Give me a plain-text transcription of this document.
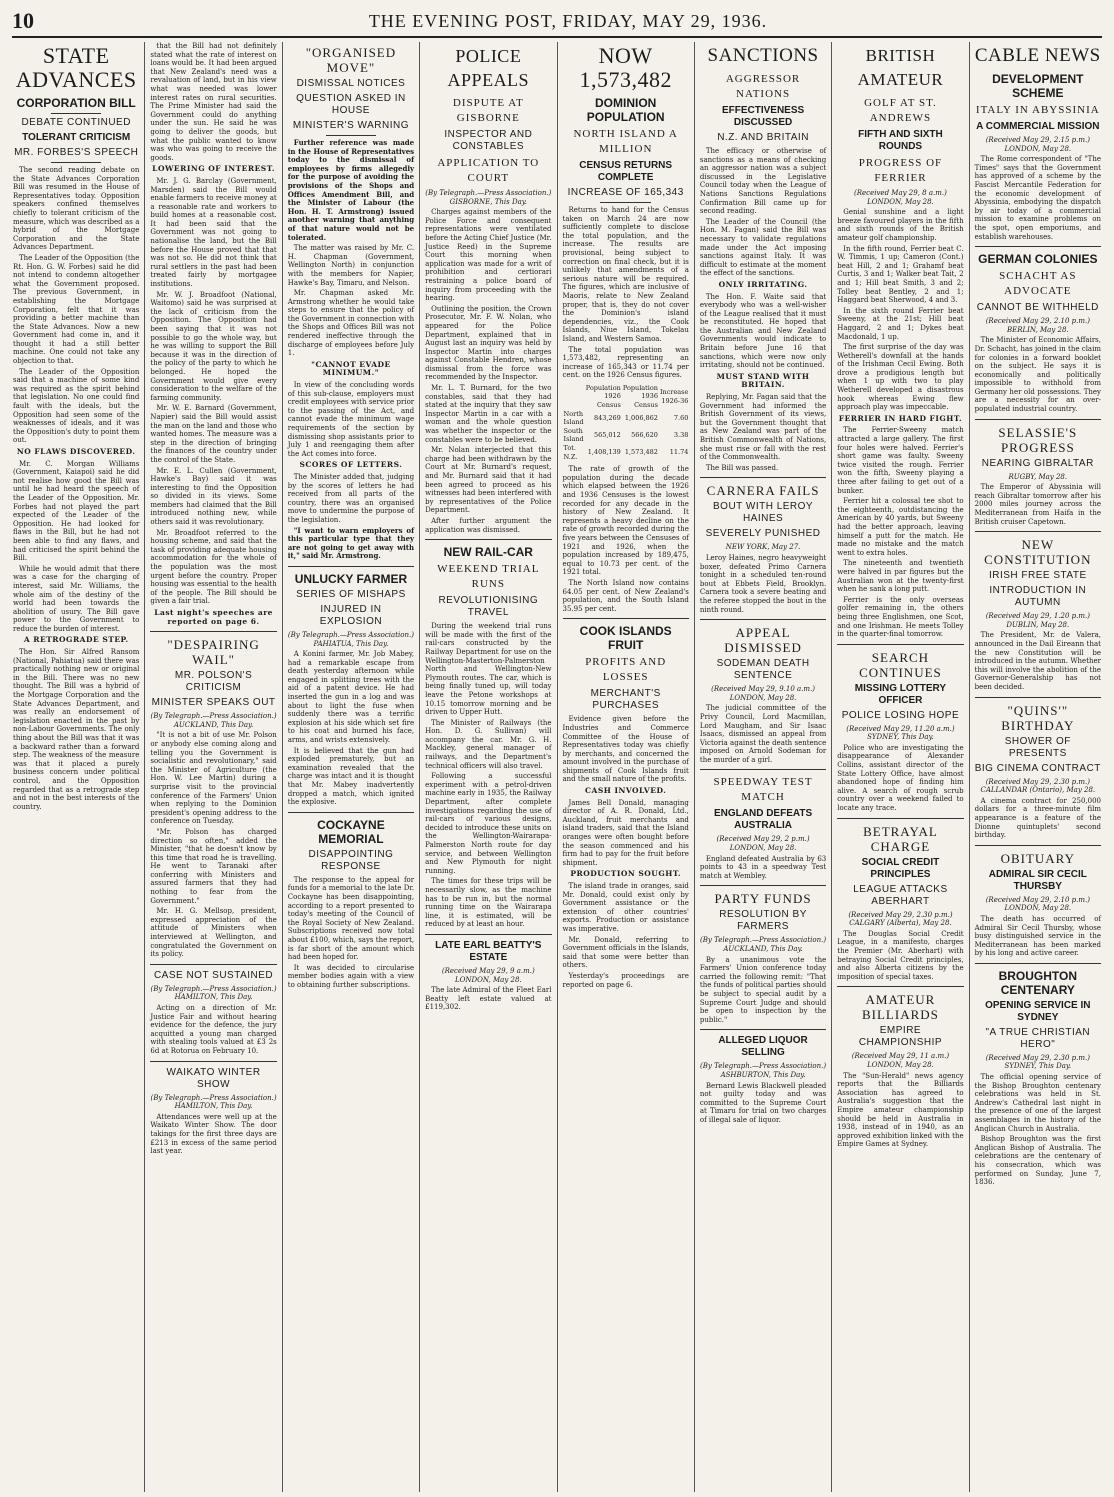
10	THE EVENING POST, FRIDAY, MAY 29, 1936.
STATE ADVANCES
CORPORATION BILL
DEBATE CONTINUED
TOLERANT CRITICISM
MR. FORBES'S SPEECH

The second reading debate on the State Advances Corporation Bill was resumed in the House of Representatives today. Opposition speakers confined themselves chiefly to tolerant criticism of the measure, which was described as a hybrid of the Mortgage Corporation and the State Advances Department.

The Leader of the Opposition (the Rt. Hon. G. W. Forbes) said he did not intend to condemn altogether what the Government proposed. The previous Government, in establishing the Mortgage Corporation, felt that it was providing a better machine than the State Advances. Now a new Government had come in, and it thought it had a still better machine. One could not take any objection to that.

The Leader of the Opposition said that a machine of some kind was required as the spirit behind that legislation. No one could find fault with the ideals, but the Opposition had seen some of the weaknesses of ideals, and it was the Opposition's duty to point them out.

NO FLAWS DISCOVERED.

Mr. C. Morgan Williams (Government, Kaiapoi) said he did not realise how good the Bill was until he had heard the speech of the Leader of the Opposition. Mr. Forbes had not played the part expected of the Leader of the Opposition. He had looked for flaws in the Bill, but he had not been able to find any flaws, and had criticised the spirit behind the Bill.

While he would admit that there was a case for the charging of interest, said Mr. Williams, the whole aim of the destiny of the world had been towards the abolition of usury. The Bill gave power to the Government to reduce the burden of interest.

A RETROGRADE STEP.

The Hon. Sir Alfred Ransom (National, Pahiatua) said there was practically nothing new or original in the Bill. There was no new thought. The Bill was a hybrid of the Mortgage Corporation and the State Advances Department, and was really an endorsement of legislation enacted in the past by non-Labour Governments. The only thing about the Bill was that it was a backward rather than a forward step. The weakness of the measure was that it placed a purely business concern under political control, and the Opposition regarded that as a retrograde step and not in the best interests of the country.

that the Bill had not definitely stated what the rate of interest on loans would be. It had been argued that New Zealand's need was a revaluation of land, but in his view what was needed was lower interest rates on rural securities. The Prime Minister had said the Government could do anything under the sun. He said he was going to deliver the goods, but what the public wanted to know was who was going to receive the goods.

LOWERING OF INTEREST.

Mr. J. G. Barclay (Government, Marsden) said the Bill would enable farmers to receive money at a reasonable rate and workers to build homes at a reasonable cost. It had been said that the Government was not going to nationalise the land, but the Bill before the House proved that that was not so. He did not think that rural settlers in the past had been treated fairly by mortgagee institutions.

Mr. W. J. Broadfoot (National, Waitomo) said he was surprised at the lack of criticism from the Opposition. The Opposition had been saying that it was not possible to go the whole way, but he was willing to support the Bill because it was in the direction of the policy of the party to which he belonged. He hoped the Government would give every consideration to the welfare of the farming community.

Mr. W. E. Barnard (Government, Napier) said the Bill would assist the man on the land and those who wanted homes. The measure was a step in the direction of bringing the finances of the country under the control of the State.

Mr. E. L. Cullen (Government, Hawke's Bay) said it was interesting to find the Opposition so divided in its views. Some members had claimed that the Bill introduced nothing new, while others said it was revolutionary.

Mr. Broadfoot referred to the housing scheme, and said that the task of providing adequate housing accommodation for the whole of the population was the most urgent before the country. Proper housing was essential to the health of the people. The Bill should be given a fair trial.

Last night's speeches are reported on page 6.
"DESPAIRING WAIL"
MR. POLSON'S CRITICISM
MINISTER SPEAKS OUT
(By Telegraph.—Press Association.) AUCKLAND, This Day.

"It is not a bit of use Mr. Polson or anybody else coming along and telling you the Government is socialistic and revolutionary," said the Minister of Agriculture (the Hon. W. Lee Martin) during a surprise visit to the provincial conference of the Farmers' Union when replying to the Dominion president's opening address to the conference on Tuesday.

"Mr. Polson has charged direction so often," added the Minister, "that he doesn't know by this time that road he is travelling. He went to Taranaki after conferring with Ministers and assured farmers that they had nothing to fear from the Government."

Mr. H. G. Mellsop, president, expressed appreciation of the attitude of Ministers when interviewed at Wellington, and congratulated the Government on its policy.

CASE NOT SUSTAINED
(By Telegraph.—Press Association.) HAMILTON, This Day.

Acting on a direction of Mr. Justice Fair and without hearing evidence for the defence, the jury acquitted a young man charged with stealing tools valued at £3 2s 6d at Rotorua on February 10.

WAIKATO WINTER SHOW
(By Telegraph.—Press Association.) HAMILTON, This Day.

Attendances were well up at the Waikato Winter Show. The door takings for the first three days are £213 in excess of the same period last year.

"ORGANISED MOVE"
DISMISSAL NOTICES
QUESTION ASKED IN HOUSE
MINISTER'S WARNING

Further reference was made in the House of Representatives today to the dismissal of employees by firms allegedly for the purpose of avoiding the provisions of the Shops and Offices Amendment Bill, and the Minister of Labour (the Hon. H. T. Armstrong) issued another warning that anything of that nature would not be tolerated.

The matter was raised by Mr. C. H. Chapman (Government, Wellington North) in conjunction with the members for Napier, Hawke's Bay, Timaru, and Nelson.

Mr. Chapman asked Mr. Armstrong whether he would take steps to ensure that the policy of the Government in connection with the Shops and Offices Bill was not rendered ineffective through the discharge of employees before July 1.

"CANNOT EVADE MINIMUM."

In view of the concluding words of this sub-clause, employers must credit employees with service prior to the passing of the Act, and cannot evade the minimum wage requirements of the section by dismissing shop assistants prior to July 1 and reengaging them after the Act comes into force.

SCORES OF LETTERS.

The Minister added that, judging by the scores of letters he had received from all parts of the country, there was an organised move to undermine the purpose of the legislation.

"I want to warn employers of this particular type that they are not going to get away with it," said Mr. Armstrong.

UNLUCKY FARMER
SERIES OF MISHAPS
INJURED IN EXPLOSION
(By Telegraph.—Press Association.) PAHIATUA, This Day.

A Konini farmer, Mr. Job Mabey, had a remarkable escape from death yesterday afternoon while engaged in splitting trees with the aid of a patent device. He had inserted the gun in a log and was about to light the fuse when suddenly there was a terrific explosion at his side which set fire to his coat and burned his face, arms, and wrists extensively.

It is believed that the gun had exploded prematurely, but an examination revealed that the charge was intact and it is thought that Mr. Mabey inadvertently dropped a match, which ignited the explosive.

COCKAYNE MEMORIAL
DISAPPOINTING RESPONSE

The response to the appeal for funds for a memorial to the late Dr. Cockayne has been disappointing, according to a report presented to today's meeting of the Council of the Royal Society of New Zealand. Subscriptions received now total about £100, which, says the report, is far short of the amount which had been hoped for.

It was decided to circularise member bodies again with a view to obtaining further subscriptions.

POLICE APPEALS
DISPUTE AT GISBORNE
INSPECTOR AND CONSTABLES
APPLICATION TO COURT
(By Telegraph.—Press Association.) GISBORNE, This Day.

Charges against members of the Police Force and consequent representations were ventilated before the Acting Chief Justice (Mr. Justice Reed) in the Supreme Court this morning when application was made for a writ of prohibition and certiorari restraining a police board of inquiry from proceeding with the hearing.

Outlining the position, the Crown Prosecutor, Mr. F. W. Nolan, who appeared for the Police Department, explained that in August last an inquiry was held by Inspector Martin into charges against Constable Hendren, whose dismissal from the force was recommended by the Inspector.

Mr. L. T. Burnard, for the two constables, said that they had stated at the inquiry that they saw Inspector Martin in a car with a woman and the whole question was whether the inspector or the constables were to be believed.

Mr. Nolan interjected that this charge had been withdrawn by the Court at Mr. Burnard's request, and Mr. Burnard said that it had been agreed to proceed as his witnesses had been interfered with by representatives of the Police Department.

After further argument the application was dismissed.

NEW RAIL-CAR
WEEKEND TRIAL RUNS
REVOLUTIONISING TRAVEL

During the weekend trial runs will be made with the first of the rail-cars constructed by the Railway Department for use on the Wellington-Masterton-Palmerston North and Wellington-New Plymouth routes. The car, which is being finally tuned up, will today leave the Petone workshops at 10.15 tomorrow morning and be driven to Upper Hutt.

The Minister of Railways (the Hon. D. G. Sullivan) will accompany the car. Mr. G. H. Mackley, general manager of railways, and the Department's technical officers will also travel.

Following a successful experiment with a petrol-driven machine early in 1935, the Railway Department, after complete investigations regarding the use of rail-cars of various designs, decided to introduce these units on the Wellington-Wairarapa-Palmerston North route for day service, and between Wellington and New Plymouth for night running.

The times for these trips will be necessarily slow, as the machine has to be run in, but the normal running time on the Wairarapa line, it is estimated, will be reduced by at least an hour.

LATE EARL BEATTY'S ESTATE
(Received May 29, 9 a.m.) LONDON, May 28.

The late Admiral of the Fleet Earl Beatty left estate valued at £119,302.

NOW 1,573,482
DOMINION POPULATION
NORTH ISLAND A MILLION
CENSUS RETURNS COMPLETE
INCREASE OF 165,343

Returns to hand for the Census taken on March 24 are now sufficiently complete to disclose the total population, and the increase. The results are provisional, being subject to correction on final check, but it is unlikely that amendments of a serious nature will be required. The figures, which are inclusive of Maoris, relate to New Zealand proper, that is, they do not cover the Dominion's island dependencies, viz., the Cook Islands, Niue Island, Tokelau Island, and Western Samoa.

The total population was 1,573,482, representing an increase of 165,343 or 11.74 per cent. on the 1926 Census figures.

	Population 1926 Census	Population 1936 Census	Increase 1926-36
North Island	843,269	1,006,862	7.60
South Island	565,012	566,620	3.38
Tot. N.Z.	1,408,139	1,573,482	11.74

The rate of growth of the population during the decade which elapsed between the 1926 and 1936 Censuses is the lowest recorded for any decade in the history of New Zealand. It represents a heavy decline on the rate of growth recorded during the five years between the Censuses of 1921 and 1926, when the population increased by 189,475, equal to 10.73 per cent. of the 1921 total.

The North Island now contains 64.05 per cent. of New Zealand's population, and the South Island 35.95 per cent.

COOK ISLANDS FRUIT
PROFITS AND LOSSES
MERCHANT'S PURCHASES

Evidence given before the Industries and Commerce Committee of the House of Representatives today was chiefly by merchants, and concerned the amount involved in the purchase of shipments of Cook Islands fruit and the small nature of the profits.

CASH INVOLVED.

James Bell Donald, managing director of A. R. Donald, Ltd., Auckland, fruit merchants and island traders, said that the Island oranges were often bought before the season commenced and his firm had to pay for the fruit before shipment.

PRODUCTION SOUGHT.

The island trade in oranges, said Mr. Donald, could exist only by Government assistance or the extension of other countries' exports. Production or assistance was imperative.

Mr. Donald, referring to Government officials in the Islands, said that some were better than others.

Yesterday's proceedings are reported on page 6.

SANCTIONS
AGGRESSOR NATIONS
EFFECTIVENESS DISCUSSED
N.Z. AND BRITAIN

The efficacy or otherwise of sanctions as a means of checking an aggressor nation was a subject discussed in the Legislative Council today when the League of Nations Sanctions Regulations Confirmation Bill came up for second reading.

The Leader of the Council (the Hon. M. Fagan) said the Bill was necessary to validate regulations made under the Act imposing sanctions against Italy. It was difficult to estimate at the moment the effect of the sanctions.

ONLY IRRITATING.

The Hon. F. Waite said that everybody who was a well-wisher of the League realised that it must be reconstituted. He hoped that the Australian and New Zealand Governments would indicate to Britain before June 16 that sanctions, which were now only irritating, should not be continued.

MUST STAND WITH BRITAIN.

Replying, Mr. Fagan said that the Government had informed the British Government of its views, but the Government thought that as New Zealand was part of the British Commonwealth of Nations, she must rise or fall with the rest of the Commonwealth.

The Bill was passed.

CARNERA FAILS
BOUT WITH LEROY HAINES
SEVERELY PUNISHED
NEW YORK, May 27.

Leroy Haines, negro heavyweight boxer, defeated Primo Carnera tonight in a scheduled ten-round bout at Ebbets Field, Brooklyn. Carnera took a severe beating and the referee stopped the bout in the ninth round.

APPEAL DISMISSED
SODEMAN DEATH SENTENCE
(Received May 29, 9.10 a.m.) LONDON, May 28.

The judicial committee of the Privy Council, Lord Macmillan, Lord Maugham, and Sir Isaac Isaacs, dismissed an appeal from Victoria against the death sentence imposed on Arnold Sodeman for the murder of a girl.

SPEEDWAY TEST MATCH
ENGLAND DEFEATS AUSTRALIA
(Received May 29, 2 p.m.) LONDON, May 28.

England defeated Australia by 63 points to 43 in a speedway Test match at Wembley.

PARTY FUNDS
RESOLUTION BY FARMERS
(By Telegraph.—Press Association.) AUCKLAND, This Day.

By a unanimous vote the Farmers' Union conference today carried the following remit: "That the funds of political parties should be subject to special audit by a Supreme Court Judge and should be open to inspection by the public."

ALLEGED LIQUOR SELLING
(By Telegraph.—Press Association.) ASHBURTON, This Day.

Bernard Lewis Blackwell pleaded not guilty today and was committed to the Supreme Court at Timaru for trial on two charges of illegal sale of liquor.

BRITISH AMATEUR
GOLF AT ST. ANDREWS
FIFTH AND SIXTH ROUNDS
PROGRESS OF FERRIER
(Received May 29, 8 a.m.) LONDON, May 28.

Genial sunshine and a light breeze favoured players in the fifth and sixth rounds of the British amateur golf championship.

In the fifth round, Ferrier beat C. W. Timmis, 1 up; Cameron (Cont.) beat Hill, 2 and 1; Grahamf beat Curtis, 3 and 1; Walker beat Tait, 2 and 1; Hill beat Smith, 3 and 2; Tolley beat Bentley, 2 and 1; Haggard beat Sherwood, 4 and 3.

In the sixth round Ferrier beat Sweeny, at the 21st; Hill beat Haggard, 2 and 1; Dykes beat Macdonald, 1 up.

The first surprise of the day was Wetherell's downfall at the hands of the Irishman Cecil Ewing. Both drove a prodigious length but when 1 up with two to play Wetherell developed a disastrous hook whereas Ewing flew approach play was impeccable.

FERRIER IN HARD FIGHT.

The Ferrier-Sweeny match attracted a large gallery. The first four holes were halved. Ferrier's short game was faulty. Sweeny twice visited the rough. Ferrier won the fifth, Sweeny playing a three after failing to get out of a bunker.

Ferrier hit a colossal tee shot to the eighteenth, outdistancing the American by 40 yards, but Sweeny had the better approach, leaving himself a putt for the match. He made no mistake and the match went to extra holes.

The nineteenth and twentieth were halved in par figures but the Australian won at the twenty-first when he sank a long putt.

Ferrier is the only overseas golfer remaining in, the others being three Englishmen, one Scot, and one Irishman. He meets Tolley in the quarter-final tomorrow.

SEARCH CONTINUES
MISSING LOTTERY OFFICER
POLICE LOSING HOPE
(Received May 29, 11.20 a.m.) SYDNEY, This Day.

Police who are investigating the disappearance of Alexander Collins, assistant director of the State Lottery Office, have almost abandoned hope of finding him alive. A search of rough scrub country over a weekend failed to locate any trace.

BETRAYAL CHARGE
SOCIAL CREDIT PRINCIPLES
LEAGUE ATTACKS ABERHART
(Received May 29, 2.30 p.m.) CALGARY (Alberta), May 28.

The Douglas Social Credit League, in a manifesto, charges the Premier (Mr. Aberhart) with betraying Social Credit principles, and also Alberta citizens by the imposition of special taxes.

AMATEUR BILLIARDS
EMPIRE CHAMPIONSHIP
(Received May 29, 11 a.m.) LONDON, May 28.

The "Sun-Herald" news agency reports that the Billiards Association has agreed to Australia's suggestion that the Empire amateur championship should be held in Australia in 1938, instead of in 1940, as an approved exhibition linked with the Empire Games at Sydney.

CABLE NEWS
DEVELOPMENT SCHEME
ITALY IN ABYSSINIA
A COMMERCIAL MISSION
(Received May 29, 2.15 p.m.) LONDON, May 28.

The Rome correspondent of "The Times" says that the Government has approved of a scheme by the Fascist Mercantile Federation for the economic development of Abyssinia, embodying the dispatch by air today of a commercial mission to examine problems on the spot, open emporiums, and establish warehouses.

GERMAN COLONIES
SCHACHT AS ADVOCATE
CANNOT BE WITHHELD
(Received May 29, 2.10 p.m.) BERLIN, May 28.

The Minister of Economic Affairs, Dr. Schacht, has joined in the claim for colonies in a forward booklet on the subject. He says it is economically and politically impossible to withhold from Germany her old possessions. They are a necessity for an over-populated industrial country.

SELASSIE'S PROGRESS
NEARING GIBRALTAR
RUGBY, May 28.

The Emperor of Abyssinia will reach Gibraltar tomorrow after his 2000 miles journey across the Mediterranean from Haifa in the British cruiser Capetown.

NEW CONSTITUTION
IRISH FREE STATE
INTRODUCTION IN AUTUMN
(Received May 29, 1.20 p.m.) DUBLIN, May 28.

The President, Mr. de Valera, announced in the Dail Eireann that the new Constitution will be introduced in the autumn. Whether this will involve the abolition of the Governor-Generalship has not been decided.

"QUINS'" BIRTHDAY
SHOWER OF PRESENTS
BIG CINEMA CONTRACT
(Received May 29, 2.30 p.m.) CALLANDAR (Ontario), May 28.

A cinema contract for 250,000 dollars for a three-minute film appearance is a feature of the Dionne quintuplets' second birthday.

OBITUARY
ADMIRAL SIR CECIL THURSBY
(Received May 29, 2.10 p.m.) LONDON, May 28.

The death has occurred of Admiral Sir Cecil Thursby, whose busy distinguished service in the Mediterranean has been marked by his long and active career.

BROUGHTON CENTENARY
OPENING SERVICE IN SYDNEY
"A TRUE CHRISTIAN HERO"
(Received May 29, 2.30 p.m.) SYDNEY, This Day.

The official opening service of the Bishop Broughton centenary celebrations was held in St. Andrew's Cathedral last night in the presence of one of the largest assemblages in the history of the Anglican Church in Australia.

Bishop Broughton was the first Anglican Bishop of Australia. The celebrations are the centenary of his consecration, which was performed on Sunday, June 7, 1836.
